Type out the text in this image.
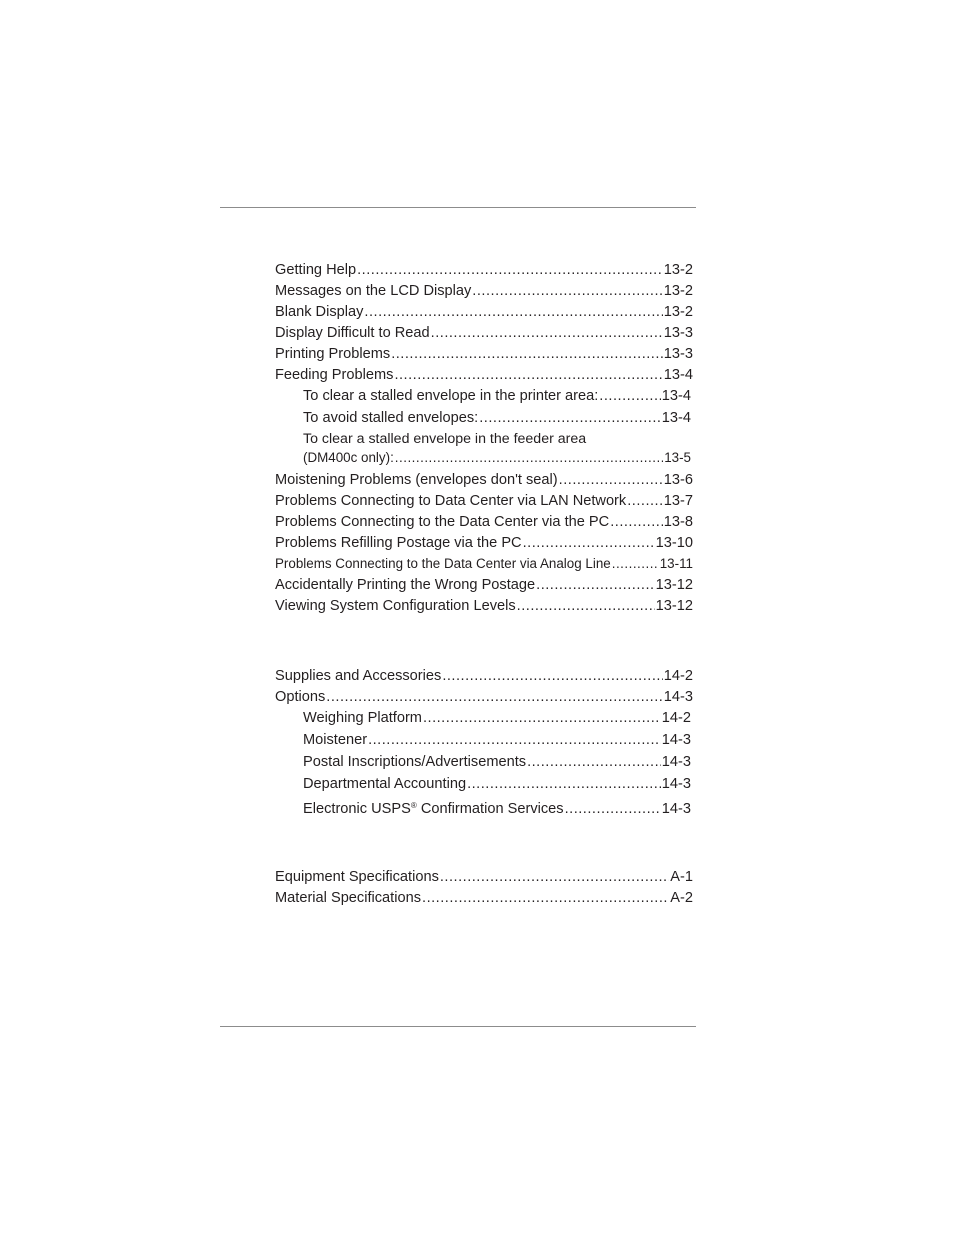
Getting Help .....	13-2
Messages on the LCD Display .....	13-2
Blank Display .....	13-2
Display Difficult to Read .....	13-3
Printing Problems .....	13-3
Feeding Problems .....	13-4
To clear a stalled envelope in the printer area: .....	13-4
To avoid stalled envelopes: .....	13-4
To clear a stalled envelope in the feeder area
(DM400c only): .....	13-5
Moistening Problems (envelopes don't seal) .....	13-6
Problems Connecting to Data Center via LAN Network .....	13-7
Problems Connecting to the Data Center via the PC .....	13-8
Problems Refilling Postage via the PC .....	13-10
Problems Connecting to the Data Center via Analog Line .....	13-11
Accidentally Printing the Wrong Postage .....	13-12
Viewing System Configuration Levels .....	13-12
Supplies and Accessories .....	14-2
Options .....	14-3
Weighing Platform .....	14-2
Moistener .....	14-3
Postal Inscriptions/Advertisements .....	14-3
Departmental Accounting .....	14-3
Electronic USPS® Confirmation Services .....	14-3
Equipment Specifications .....	A-1
Material Specifications .....	A-2
